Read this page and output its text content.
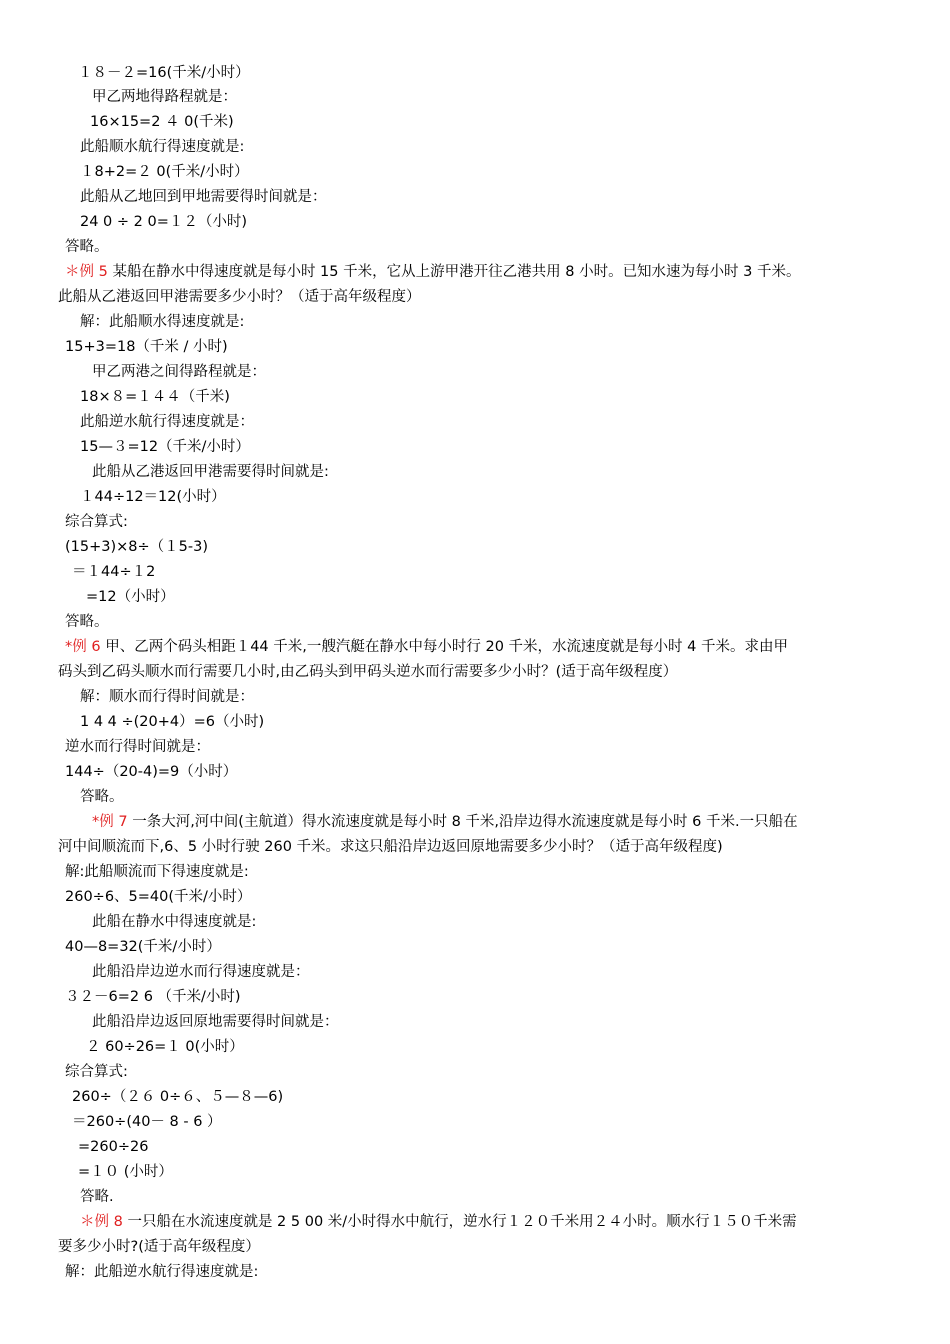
１８－２=16(千米/小时）
甲乙两地得路程就是：
16×15=2 ４ 0(千米)
此船顺水航行得速度就是:
１8+2=２ 0(千米/小时）
此船从乙地回到甲地需要得时间就是：
24 0 ÷ 2 0=１２（小时)
答略。
＊例 5 某船在静水中得速度就是每小时 15 千米，它从上游甲港开往乙港共用 8 小时。已知水速为每小时 3 千米。
此船从乙港返回甲港需要多少小时？（适于高年级程度）
解：此船顺水得速度就是:
15+3=18（千米 / 小时)
甲乙两港之间得路程就是：
18×８=１４４（千米)
此船逆水航行得速度就是：
15—３=12（千米/小时）
此船从乙港返回甲港需要得时间就是:
１44÷12＝12(小时）
综合算式:
(15+3)×8÷（１5-3)
＝１44÷１2
=12（小时）
答略。
*例 6 甲、乙两个码头相距１44 千米,一艘汽艇在静水中每小时行 20 千米，水流速度就是每小时 4 千米。求由甲
码头到乙码头顺水而行需要几小时,由乙码头到甲码头逆水而行需要多少小时？(适于高年级程度）
解：顺水而行得时间就是：
1 4 4 ÷(20+4）=6（小时)
逆水而行得时间就是：
144÷（20-4)=9（小时）
答略。
*例 7 一条大河,河中间(主航道）得水流速度就是每小时 8 千米,沿岸边得水流速度就是每小时 6 千米.一只船在
河中间顺流而下,6、5 小时行驶 260 千米。求这只船沿岸边返回原地需要多少小时？（适于高年级程度)
解:此船顺流而下得速度就是:
260÷6、5=40(千米/小时）
此船在静水中得速度就是:
40—8=32(千米/小时）
此船沿岸边逆水而行得速度就是：
３２－6=2 6 （千米/小时)
此船沿岸边返回原地需要得时间就是：
２ 60÷26=１ 0(小时）
综合算式:
260÷（２６ 0÷６、５—８—6)
＝260÷(40－ 8 - 6 ）
=260÷26
=１０ (小时）
答略.
＊例 8 一只船在水流速度就是 2 5 00 米/小时得水中航行，逆水行１２０千米用２４小时。顺水行１５０千米需
要多少小时?(适于高年级程度）
解：此船逆水航行得速度就是:
